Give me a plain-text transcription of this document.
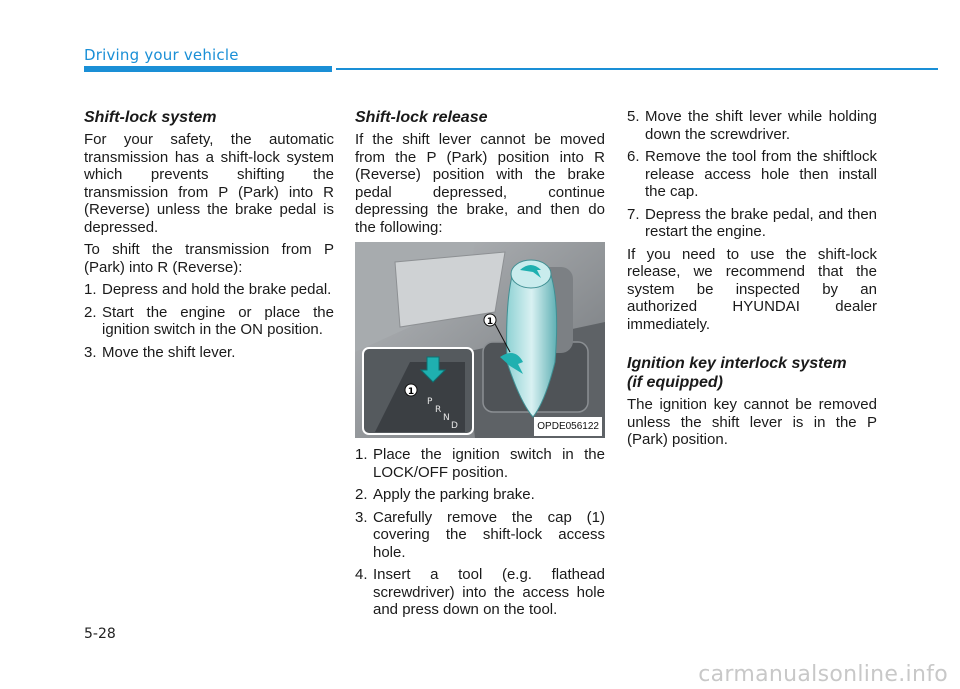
Driving your vehicle
Shift-lock system

For your safety, the automatic transmission has a shift-lock system which prevents shifting the transmission from P (Park) into R (Reverse) unless the brake pedal is depressed.

To shift the transmission from P (Park) into R (Reverse):

1. Depress and hold the brake pedal.
2. Start the engine or place the ignition switch in the ON position.
3. Move the shift lever.
Shift-lock release

If the shift lever cannot be moved from the P (Park) position into R (Reverse) position with the brake pedal depressed, continue depressing the brake, and then do the following:

1
1
P
R
N
D	OPDE056122
1. Place the ignition switch in the LOCK/OFF position.
2. Apply the parking brake.
3. Carefully remove the cap (1) covering the shift-lock access hole.
4. Insert a tool (e.g. flathead screwdriver) into the access hole and press down on the tool.
5. Move the shift lever while holding down the screwdriver.
6. Remove the tool from the shiftlock release access hole then install the cap.
7. Depress the brake pedal, and then restart the engine.

If you need to use the shift-lock release, we recommend that the system be inspected by an authorized HYUNDAI dealer immediately.

Ignition key interlock system
(if equipped)

The ignition key cannot be removed unless the shift lever is in the P (Park) position.

5-28
carmanualsonline.info
